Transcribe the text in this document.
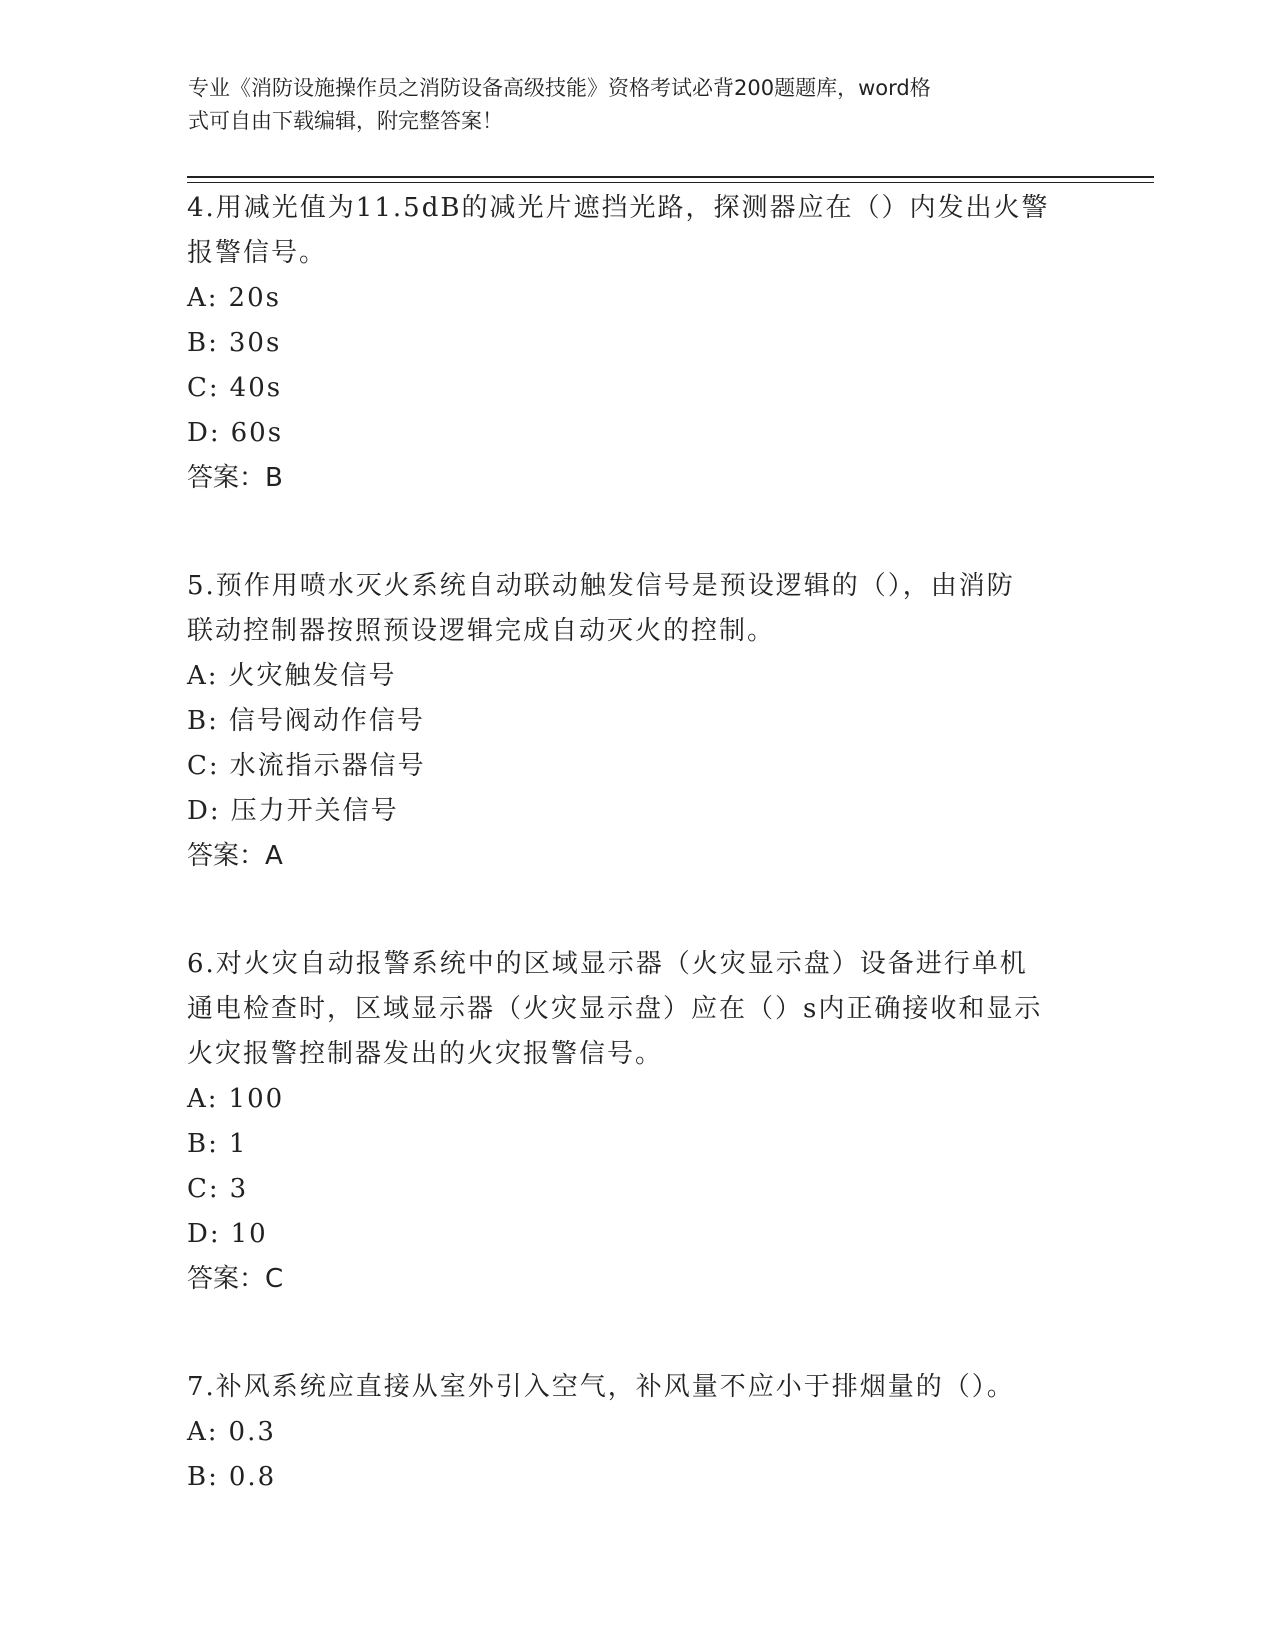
专业《消防设施操作员之消防设备高级技能》资格考试必背200题题库，word格
式可自由下载编辑，附完整答案！
4.用减光值为11.5dB的减光片遮挡光路，探测器应在（）内发出火警
报警信号。
A: 20s
B: 30s
C: 40s
D: 60s
答案：B
5.预作用喷水灭火系统自动联动触发信号是预设逻辑的（），由消防
联动控制器按照预设逻辑完成自动灭火的控制。
A: 火灾触发信号
B: 信号阀动作信号
C: 水流指示器信号
D: 压力开关信号
答案：A
6.对火灾自动报警系统中的区域显示器（火灾显示盘）设备进行单机
通电检查时，区域显示器（火灾显示盘）应在（）s内正确接收和显示
火灾报警控制器发出的火灾报警信号。
A: 100
B: 1
C: 3
D: 10
答案：C
7.补风系统应直接从室外引入空气，补风量不应小于排烟量的（）。
A: 0.3
B: 0.8
